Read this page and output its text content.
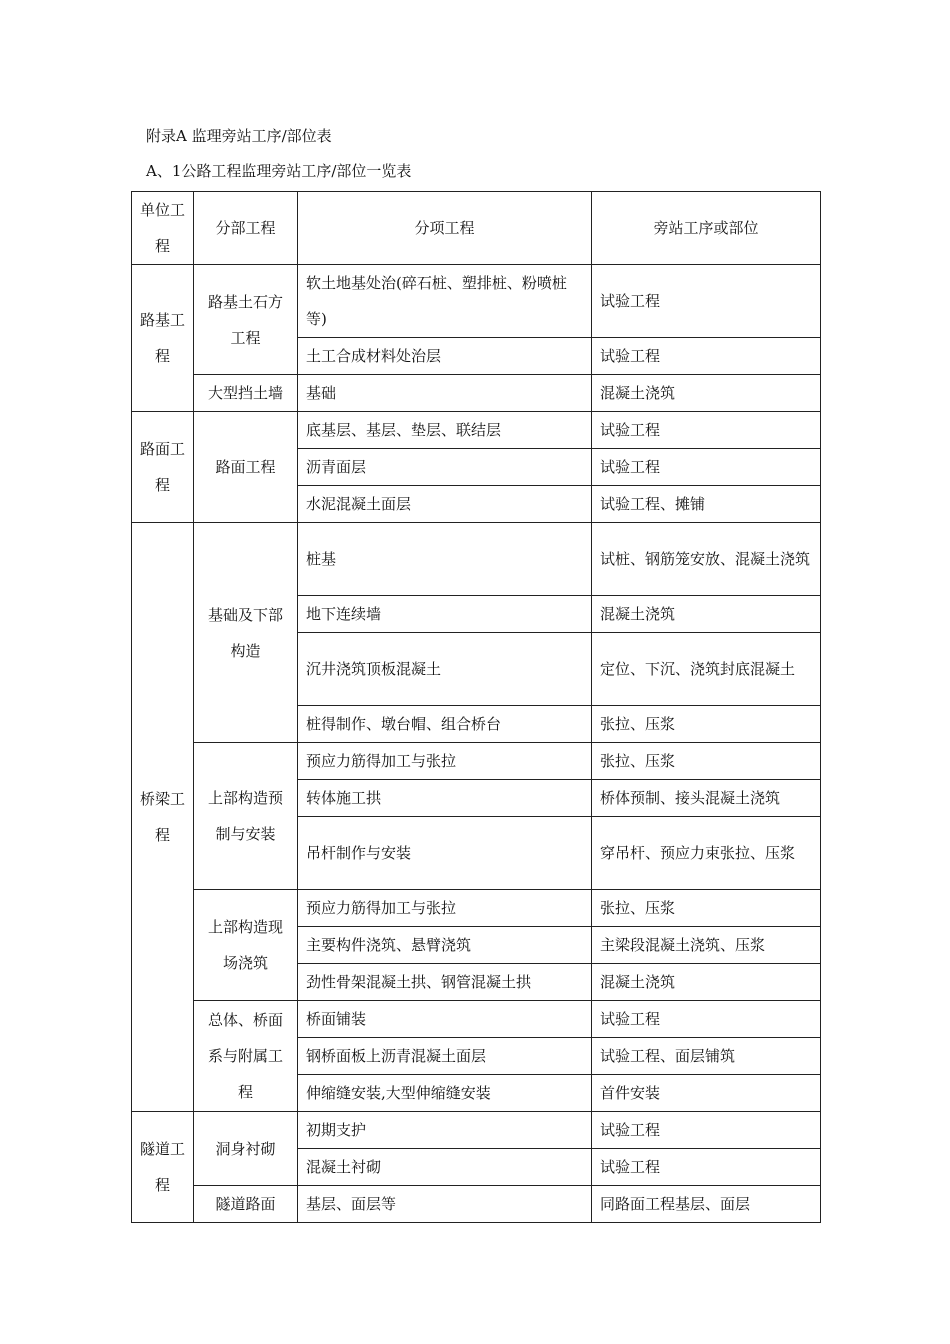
附录A 监理旁站工序/部位表
A、1公路工程监理旁站工序/部位一览表
单位工程	分部工程	分项工程	旁站工序或部位
路基工程	路基土石方工程	软土地基处治(碎石桩、塑排桩、粉喷桩等)	试验工程
		土工合成材料处治层	试验工程
	大型挡土墙	基础	混凝土浇筑
路面工程	路面工程	底基层、基层、垫层、联结层	试验工程
		沥青面层	试验工程
		水泥混凝土面层	试验工程、摊铺
桥梁工程	基础及下部构造	桩基	试桩、钢筋笼安放、混凝土浇筑
		地下连续墙	混凝土浇筑
		沉井浇筑顶板混凝土	定位、下沉、浇筑封底混凝土
		桩得制作、墩台帽、组合桥台	张拉、压浆
	上部构造预制与安装	预应力筋得加工与张拉	张拉、压浆
		转体施工拱	桥体预制、接头混凝土浇筑
		吊杆制作与安装	穿吊杆、预应力束张拉、压浆
	上部构造现场浇筑	预应力筋得加工与张拉	张拉、压浆
		主要构件浇筑、悬臂浇筑	主梁段混凝土浇筑、压浆
		劲性骨架混凝土拱、钢管混凝土拱	混凝土浇筑
	总体、桥面系与附属工程	桥面铺装	试验工程
		钢桥面板上沥青混凝土面层	试验工程、面层铺筑
		伸缩缝安装,大型伸缩缝安装	首件安装
隧道工程	洞身衬砌	初期支护	试验工程
		混凝土衬砌	试验工程
	隧道路面	基层、面层等	同路面工程基层、面层
